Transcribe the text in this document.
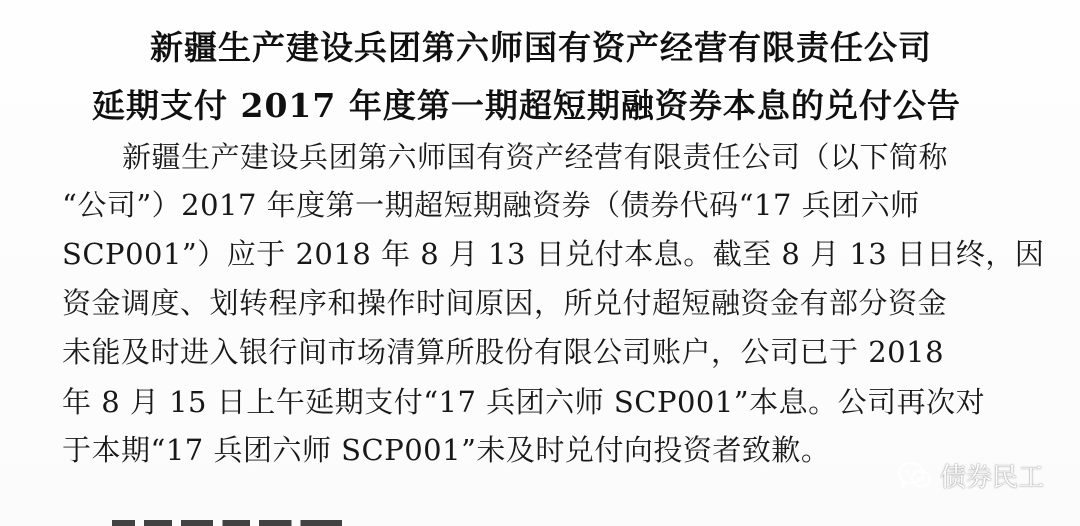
新疆生产建设兵团第六师国有资产经营有限责任公司
延期支付 2017 年度第一期超短期融资券本息的兑付公告
新疆生产建设兵团第六师国有资产经营有限责任公司（以下简称
“公司”）2017 年度第一期超短期融资券（债券代码“17 兵团六师
SCP001”）应于 2018 年 8 月 13 日兑付本息。截至 8 月 13 日日终，因
资金调度、划转程序和操作时间原因，所兑付超短融资金有部分资金
未能及时进入银行间市场清算所股份有限公司账户，公司已于 2018
年 8 月 15 日上午延期支付“17 兵团六师 SCP001”本息。公司再次对
于本期“17 兵团六师 SCP001”未及时兑付向投资者致歉。
债券民工
